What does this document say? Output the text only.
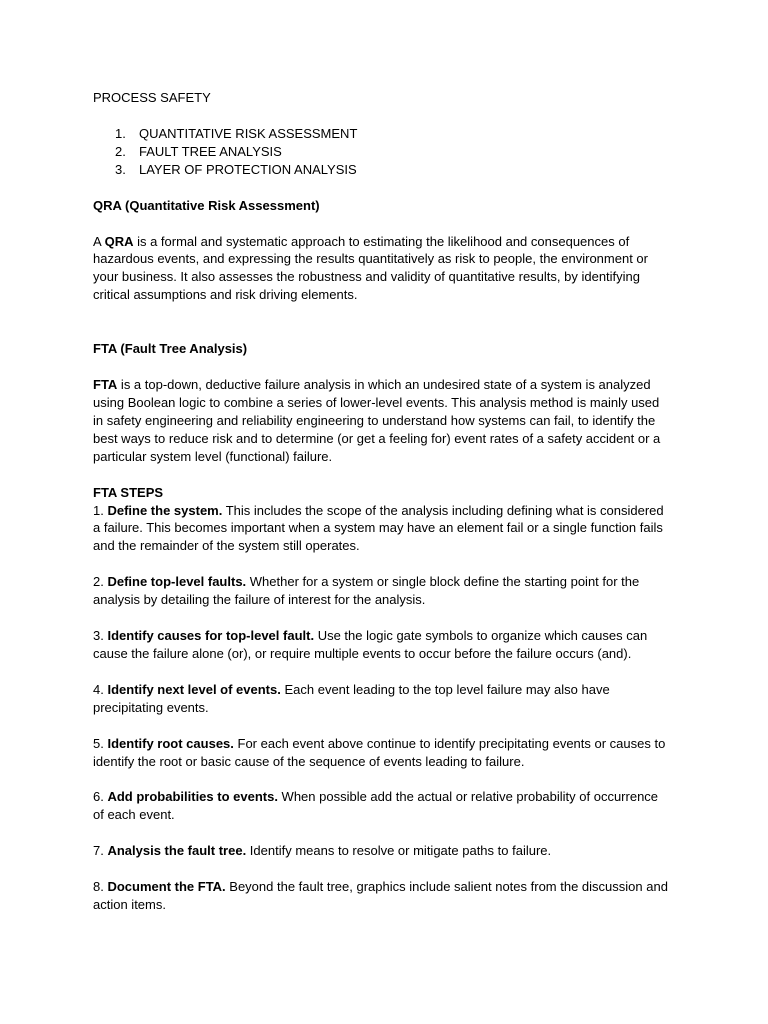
PROCESS SAFETY
1. QUANTITATIVE RISK ASSESSMENT
2. FAULT TREE ANALYSIS
3. LAYER OF PROTECTION ANALYSIS
QRA (Quantitative Risk Assessment)

A QRA is a formal and systematic approach to estimating the likelihood and consequences of hazardous events, and expressing the results quantitatively as risk to people, the environment or your business. It also assesses the robustness and validity of quantitative results, by identifying critical assumptions and risk driving elements.

FTA (Fault Tree Analysis)

FTA is a top-down, deductive failure analysis in which an undesired state of a system is analyzed using Boolean logic to combine a series of lower-level events. This analysis method is mainly used in safety engineering and reliability engineering to understand how systems can fail, to identify the best ways to reduce risk and to determine (or get a feeling for) event rates of a safety accident or a particular system level (functional) failure.

FTA STEPS

1. Define the system. This includes the scope of the analysis including defining what is considered a failure. This becomes important when a system may have an element fail or a single function fails and the remainder of the system still operates.

2. Define top-level faults. Whether for a system or single block define the starting point for the analysis by detailing the failure of interest for the analysis.

3. Identify causes for top-level fault. Use the logic gate symbols to organize which causes can cause the failure alone (or), or require multiple events to occur before the failure occurs (and).

4. Identify next level of events. Each event leading to the top level failure may also have precipitating events.

5. Identify root causes. For each event above continue to identify precipitating events or causes to identify the root or basic cause of the sequence of events leading to failure.

6. Add probabilities to events. When possible add the actual or relative probability of occurrence of each event.

7. Analysis the fault tree. Identify means to resolve or mitigate paths to failure.

8. Document the FTA. Beyond the fault tree, graphics include salient notes from the discussion and action items.
